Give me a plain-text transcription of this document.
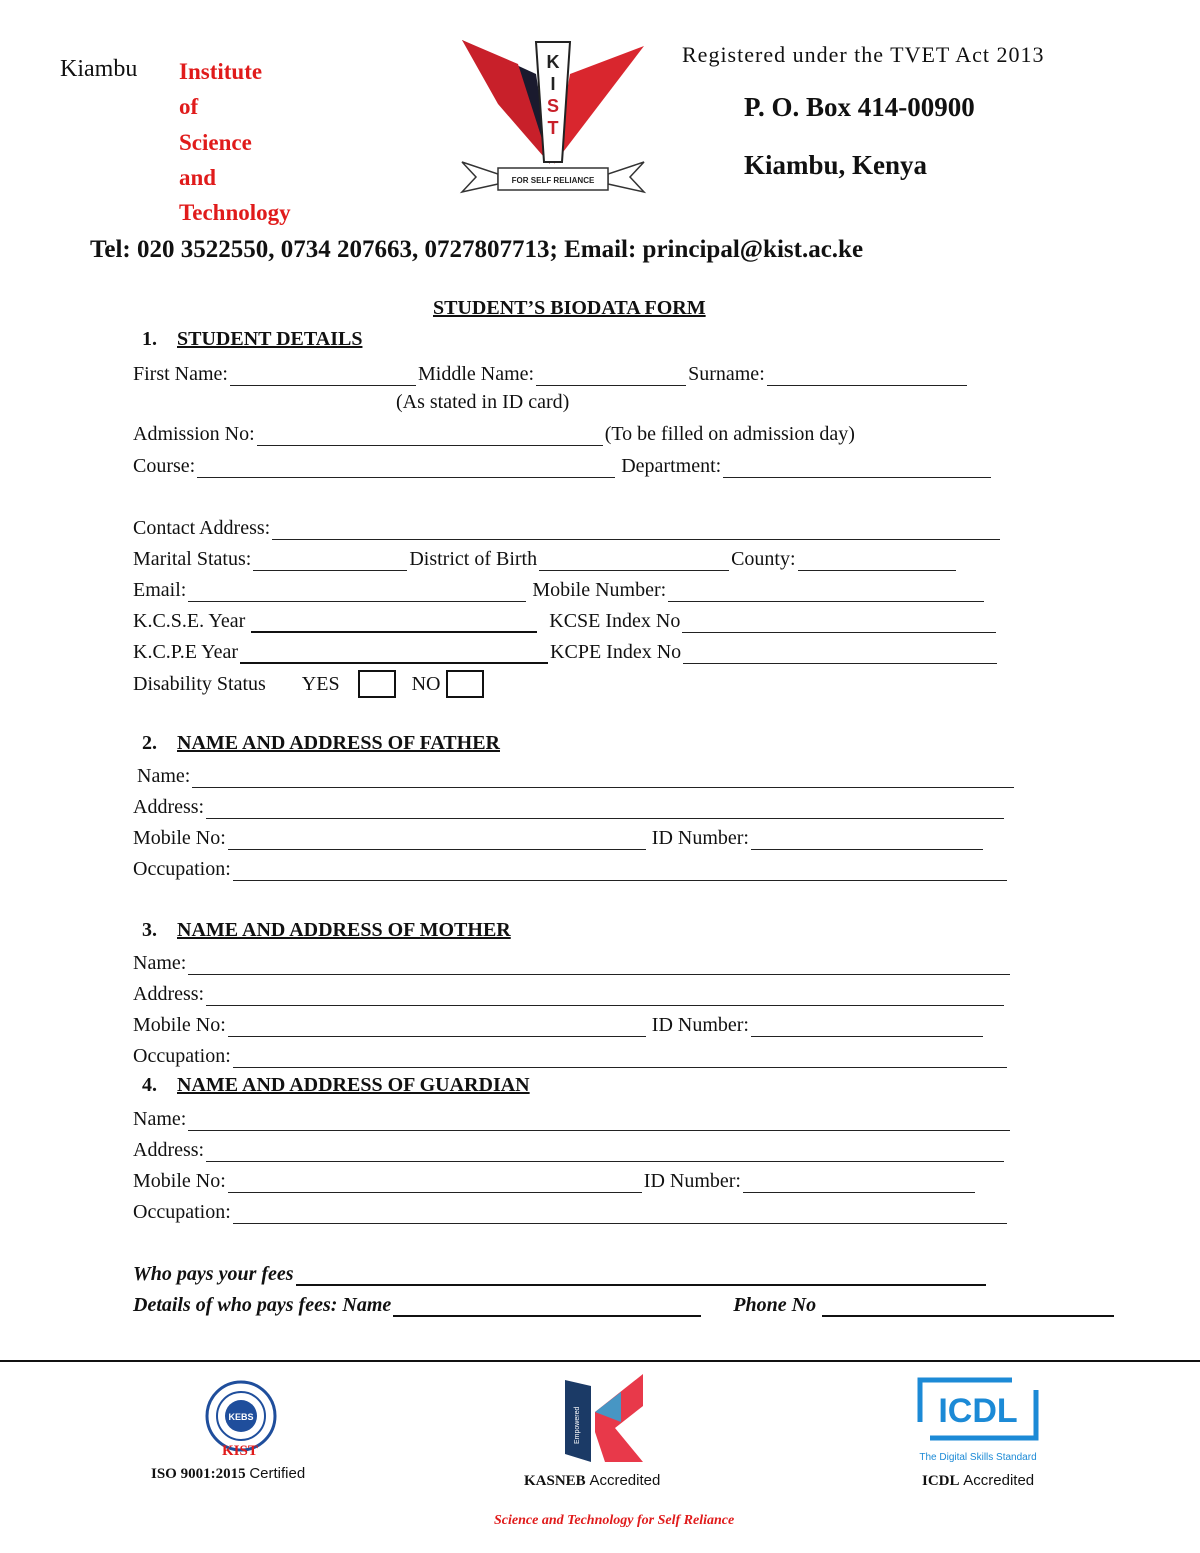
Kiambu Institute
of
Science
and
Technology
K
I
S
T
FOR SELF RELIANCE
Registered under the TVET Act 2013
P. O. Box 414-00900
Kiambu, Kenya
Tel: 020 3522550, 0734 207663, 0727807713; Email: principal@kist.ac.ke
STUDENT’S BIODATA FORM
1. STUDENT DETAILS
First Name:	Middle Name:	Surname:
(As stated in ID card)
Admission No:	(To be filled on admission day)
Course:	Department:
Contact Address:
Marital Status:	District of Birth	County:
Email:	Mobile Number:
K.C.S.E. Year	KCSE Index No
K.C.P.E Year	KCPE Index No
Disability Status YES	NO
2. NAME AND ADDRESS OF FATHER
Name:
Address:
Mobile No:	ID Number:
Occupation:
3. NAME AND ADDRESS OF MOTHER
Name:
Address:
Mobile No:	ID Number:
Occupation:
4. NAME AND ADDRESS OF GUARDIAN
Name:
Address:
Mobile No:	ID Number:
Occupation:
Who pays your fees
Details of who pays fees: Name	Phone No
KEBS
KIST
ISO 9001:2015 Certified
Empowered
KASNEB Accredited
ICDL
The Digital Skills Standard
ICDL Accredited
Science and Technology for Self Reliance
